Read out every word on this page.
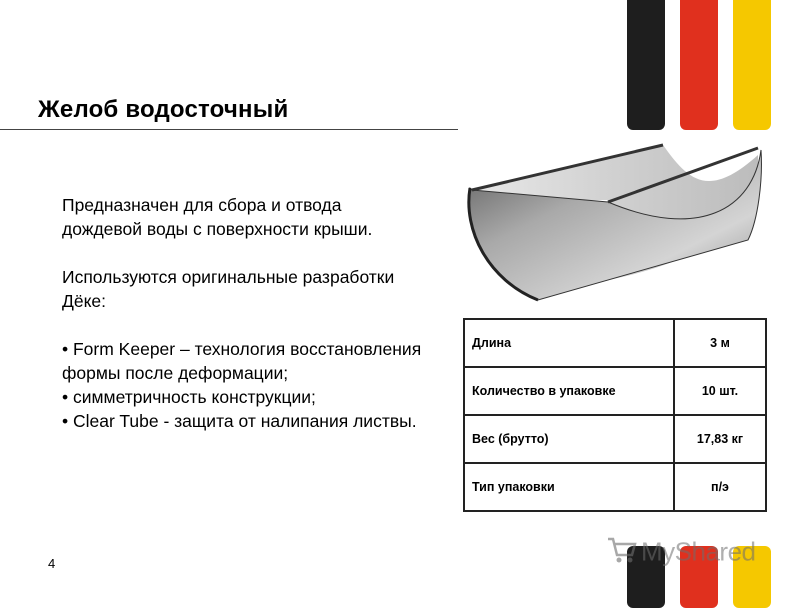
Желоб водосточный

Предназначен для сбора и отвода дождевой воды с поверхности крыши.

Используются оригинальные разработки Дёке:

• Form Keeper – технология восстановления формы после деформации;

• симметричность конструкции;

• Clear Tube - защита от налипания листвы.

Длина	3 м
Количество в упаковке	10 шт.
Вес (брутто)	17,83 кг
Тип упаковки	п/э
4	MyShared
